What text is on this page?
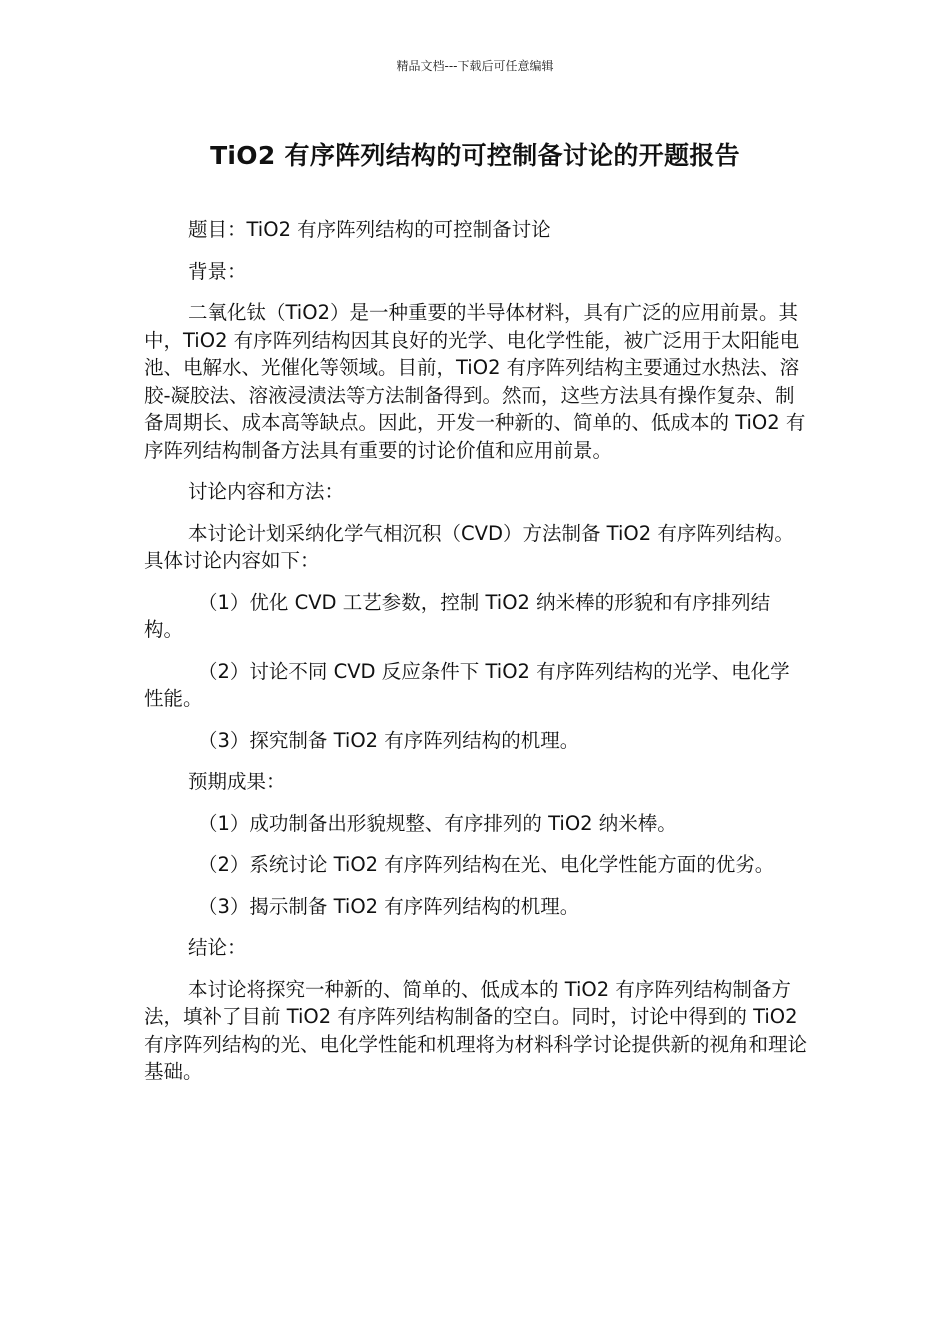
精品文档---下载后可任意编辑
TiO2 有序阵列结构的可控制备讨论的开题报告

题目：TiO2 有序阵列结构的可控制备讨论

背景：

二氧化钛（TiO2）是一种重要的半导体材料，具有广泛的应用前景。其中，TiO2 有序阵列结构因其良好的光学、电化学性能，被广泛用于太阳能电池、电解水、光催化等领域。目前，TiO2 有序阵列结构主要通过水热法、溶胶-凝胶法、溶液浸渍法等方法制备得到。然而，这些方法具有操作复杂、制备周期长、成本高等缺点。因此，开发一种新的、简单的、低成本的 TiO2 有序阵列结构制备方法具有重要的讨论价值和应用前景。

讨论内容和方法：

本讨论计划采纳化学气相沉积（CVD）方法制备 TiO2 有序阵列结构。具体讨论内容如下：

（1）优化 CVD 工艺参数，控制 TiO2 纳米棒的形貌和有序排列结构。

（2）讨论不同 CVD 反应条件下 TiO2 有序阵列结构的光学、电化学性能。

（3）探究制备 TiO2 有序阵列结构的机理。

预期成果：

（1）成功制备出形貌规整、有序排列的 TiO2 纳米棒。

（2）系统讨论 TiO2 有序阵列结构在光、电化学性能方面的优劣。

（3）揭示制备 TiO2 有序阵列结构的机理。

结论：

本讨论将探究一种新的、简单的、低成本的 TiO2 有序阵列结构制备方法，填补了目前 TiO2 有序阵列结构制备的空白。同时，讨论中得到的 TiO2 有序阵列结构的光、电化学性能和机理将为材料科学讨论提供新的视角和理论基础。
